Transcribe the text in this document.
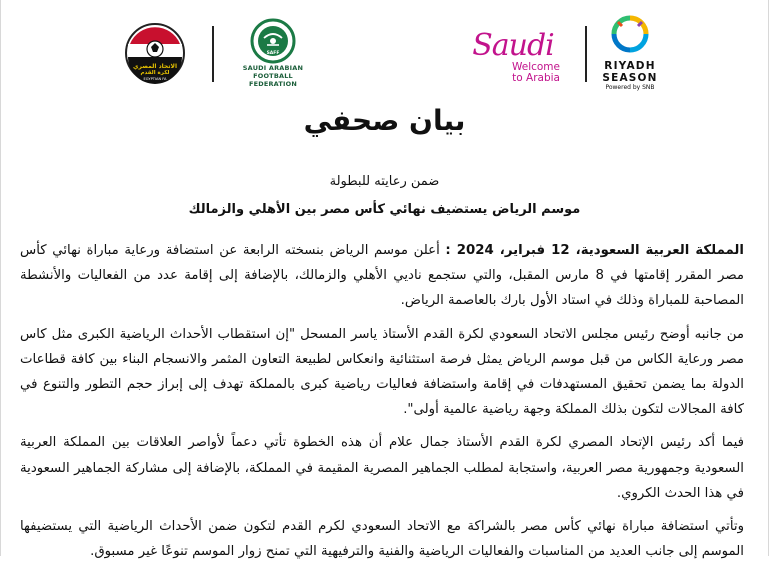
الاتحاد المصري
لكرة القدم
EGYPTIAN FA
SAFF
SAUDI ARABIAN
FOOTBALL FEDERATION
Saudi
Welcome
to Arabia
RIYADH
SEASON
Powered by SNB
بيان صحفي
ضمن رعايته للبطولة
موسم الرياض يستضيف نهائي كأس مصر بين الأهلي والزمالك

المملكة العربية السعودية، 12 فبراير، 2024 : أعلن موسم الرياض بنسخته الرابعة عن استضافة ورعاية مباراة نهائي كأس مصر المقرر إقامتها في 8 مارس المقبل، والتي ستجمع ناديي الأهلي والزمالك، بالإضافة إلى إقامة عدد من الفعاليات والأنشطة المصاحبة للمباراة وذلك في استاد الأول بارك بالعاصمة الرياض.

من جانبه أوضح رئيس مجلس الاتحاد السعودي لكرة القدم الأستاذ ياسر المسحل "إن استقطاب الأحداث الرياضية الكبرى مثل كاس مصر ورعاية الكاس من قبل موسم الرياض يمثل فرصة استثنائية وانعكاس لطبيعة التعاون المثمر والانسجام البناء بين كافة قطاعات الدولة بما يضمن تحقيق المستهدفات في إقامة واستضافة فعاليات رياضية كبرى بالمملكة تهدف إلى إبراز حجم التطور والتنوع في كافة المجالات لتكون بذلك المملكة وجهة رياضية عالمية أولى".

فيما أكد رئيس الإتحاد المصري لكرة القدم الأستاذ جمال علام أن هذه الخطوة تأتي دعماً لأواصر العلاقات بين المملكة العربية السعودية وجمهورية مصر العربية، واستجابة لمطلب الجماهير المصرية المقيمة في المملكة، بالإضافة إلى مشاركة الجماهير السعودية في هذا الحدث الكروي.

وتأتي استضافة مباراة نهائي كأس مصر بالشراكة مع الاتحاد السعودي لكرم القدم لتكون ضمن الأحداث الرياضية التي يستضيفها الموسم إلى جانب العديد من المناسبات والفعاليات الرياضية والفنية والترفيهية التي تمنح زوار الموسم تنوعًا غير مسبوق.
